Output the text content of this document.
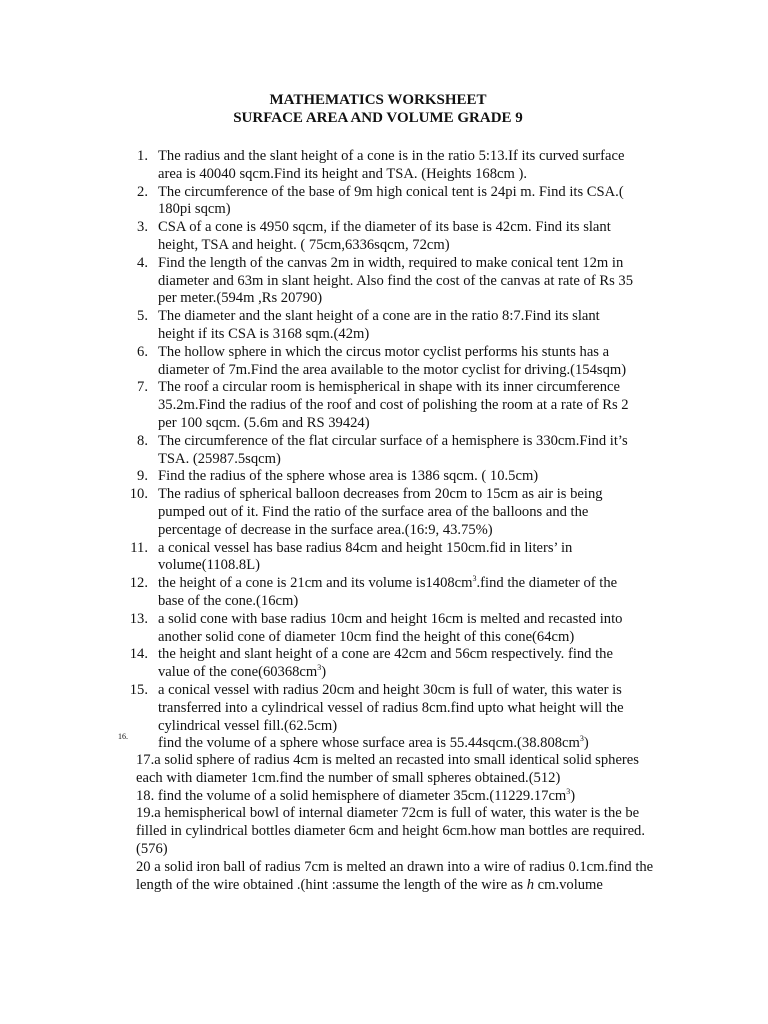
MATHEMATICS WORKSHEET
SURFACE AREA AND VOLUME GRADE 9
1. The radius and the slant height of a cone is in the ratio 5:13.If its curved surface area is 40040 sqcm.Find its height and TSA. (Heights 168cm ).
2. The circumference of the base of 9m high conical tent is 24pi m. Find its CSA.( 180pi sqcm)
3. CSA of a cone is 4950 sqcm, if the diameter of its base is 42cm. Find its slant height, TSA and height. ( 75cm,6336sqcm, 72cm)
4. Find the length of the canvas 2m in width, required to make conical tent 12m in diameter and 63m in slant height. Also find the cost of the canvas at rate of Rs 35 per meter.(594m ,Rs 20790)
5. The diameter and the slant height of a cone are in the ratio 8:7.Find its slant height if its CSA is 3168 sqm.(42m)
6. The hollow sphere in which the circus motor cyclist performs his stunts has a diameter of 7m.Find the area available to the motor cyclist for driving.(154sqm)
7. The roof a circular room is hemispherical in shape with its inner circumference 35.2m.Find the radius of the roof and cost of polishing the room at a rate of Rs 2 per 100 sqcm. (5.6m and RS 39424)
8. The circumference of the flat circular surface of a hemisphere is 330cm.Find it’s TSA. (25987.5sqcm)
9. Find the radius of the sphere whose area is 1386 sqcm. ( 10.5cm)
10. The radius of spherical balloon decreases from 20cm to 15cm as air is being pumped out of it. Find the ratio of the surface area of the balloons and the percentage of decrease in the surface area.(16:9, 43.75%)
11. a conical vessel has base radius 84cm and height 150cm.fid in liters’ in volume(1108.8L)
12. the height of a cone is 21cm and its volume $is1408cm^3.find$ the diameter of the base of the cone.(16cm)
13. a solid cone with base radius 10cm and height 16cm is melted and recasted into another solid cone of diameter 10cm find the height of this cone(64cm)
14. the height and slant height of a cone are 42cm and 56cm respectively. find the value of the $cone(60368cm^3)$
15. a conical vessel with radius 20cm and height 30cm is full of water, this water is transferred into a cylindrical vessel of radius 8cm.find upto what height will the cylindrical vessel fill.(62.5cm)
16.	find the volume of a sphere whose surface area is $55.44sqcm.(38.808cm^3)$

17.a solid sphere of radius 4cm is melted an recasted into small identical solid spheres each with diameter 1cm.find the number of small spheres obtained.(512)

18. find the volume of a solid hemisphere of diameter $35cm.(11229.17cm^3)$

19.a hemispherical bowl of internal diameter 72cm is full of water, this water is the be filled in cylindrical bottles diameter 6cm and height 6cm.how man bottles are required.(576)

20 a solid iron ball of radius 7cm is melted an drawn into a wire of radius 0.1cm.find the length of the wire obtained .(hint :assume the length of the wire as h cm.volume
